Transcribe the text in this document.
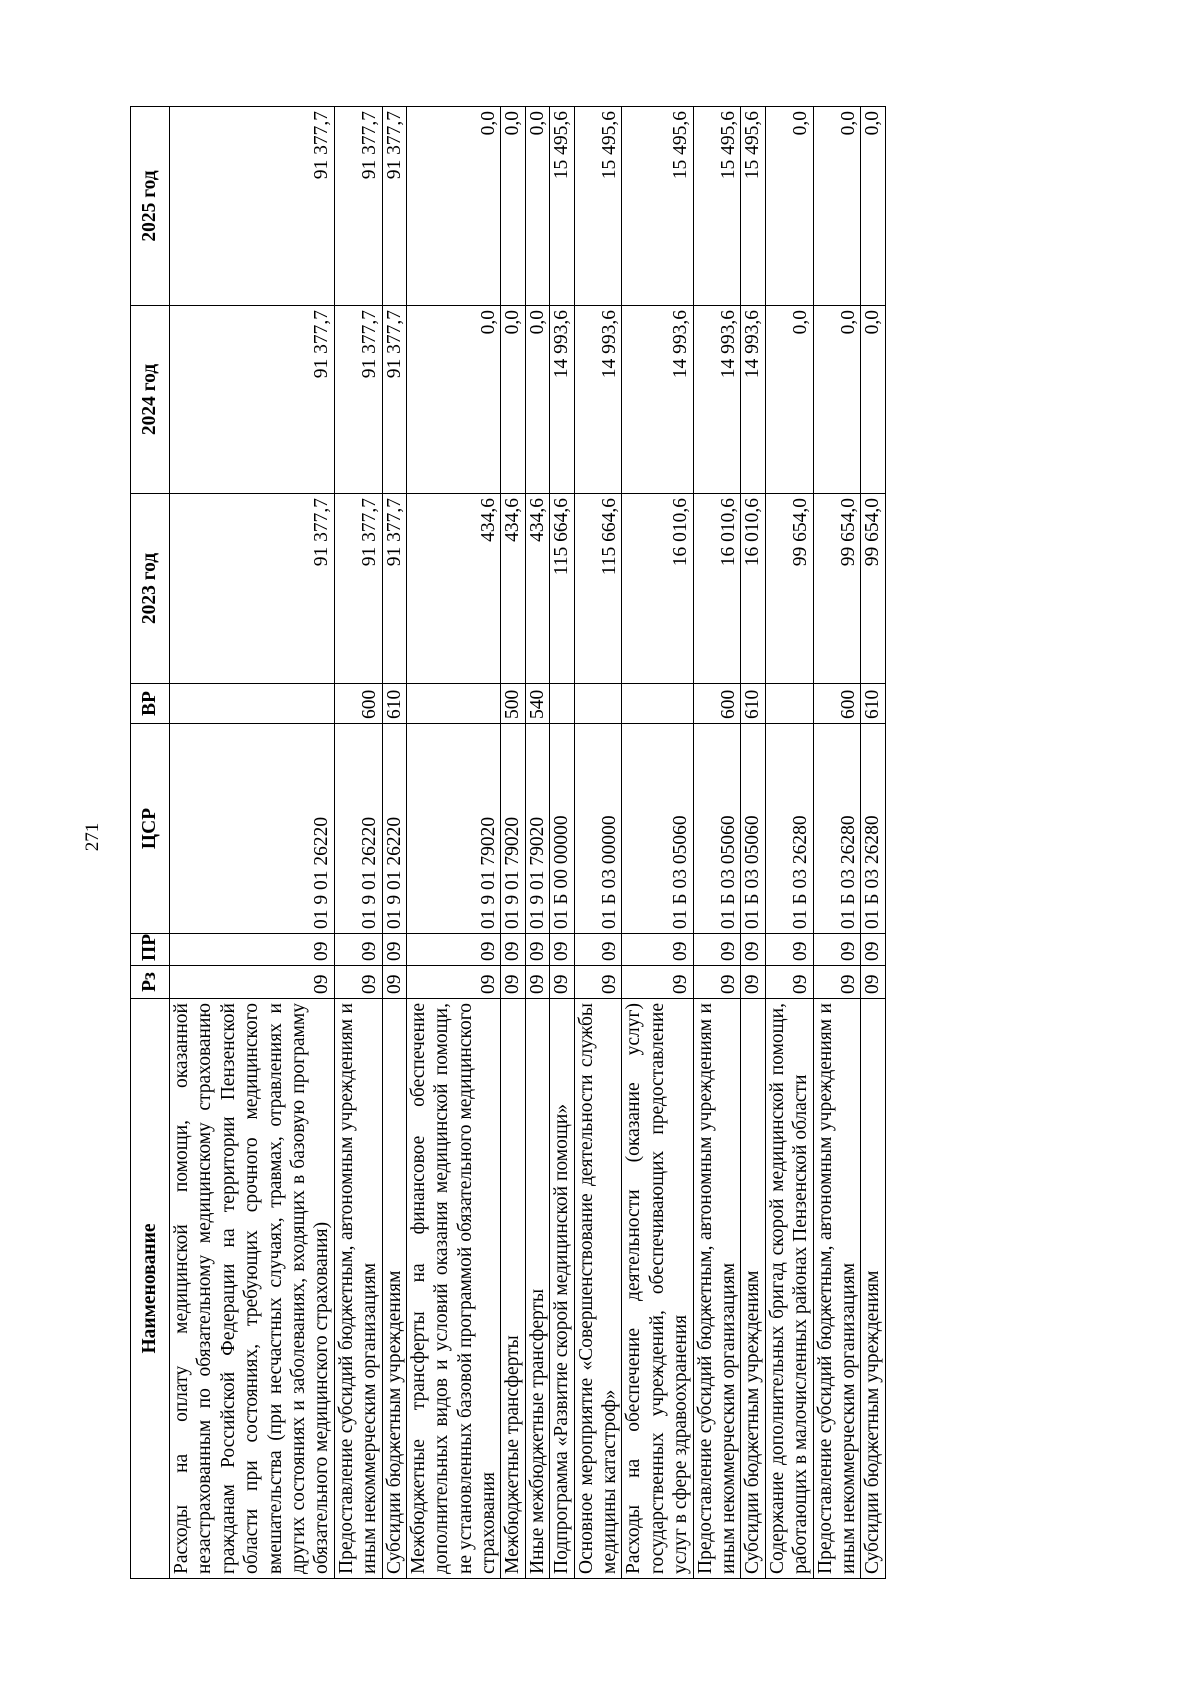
271
Наименование	Рз	ПР	ЦСР	ВР	2023 год	2024 год	2025 год
Расходы на оплату медицинской помощи, оказанной незастрахованным по обязательному медицинскому страхованию гражданам Российской Федерации на территории Пензенской области при состояниях, требующих срочного медицинского вмешательства (при несчастных случаях, травмах, отравлениях и других состояниях и заболеваниях, входящих в базовую программу обязательного медицинского страхования)	09	09	01 9 01 26220		91 377,7	91 377,7	91 377,7
Предоставление субсидий бюджетным, автономным учреждениям и иным некоммерческим организациям	09	09	01 9 01 26220	600	91 377,7	91 377,7	91 377,7
Субсидии бюджетным учреждениям	09	09	01 9 01 26220	610	91 377,7	91 377,7	91 377,7
Межбюджетные трансферты на финансовое обеспечение дополнительных видов и условий оказания медицинской помощи, не установленных базовой программой обязательного медицинского страхования	09	09	01 9 01 79020		434,6	0,0	0,0
Межбюджетные трансферты	09	09	01 9 01 79020	500	434,6	0,0	0,0
Иные межбюджетные трансферты	09	09	01 9 01 79020	540	434,6	0,0	0,0
Подпрограмма «Развитие скорой медицинской помощи»	09	09	01 Б 00 00000		115 664,6	14 993,6	15 495,6
Основное мероприятие «Совершенствование деятельности службы медицины катастроф»	09	09	01 Б 03 00000		115 664,6	14 993,6	15 495,6
Расходы на обеспечение деятельности (оказание услуг) государственных учреждений, обеспечивающих предоставление услуг в сфере здравоохранения	09	09	01 Б 03 05060		16 010,6	14 993,6	15 495,6
Предоставление субсидий бюджетным, автономным учреждениям и иным некоммерческим организациям	09	09	01 Б 03 05060	600	16 010,6	14 993,6	15 495,6
Субсидии бюджетным учреждениям	09	09	01 Б 03 05060	610	16 010,6	14 993,6	15 495,6
Содержание дополнительных бригад скорой медицинской помощи, работающих в малочисленных районах Пензенской области	09	09	01 Б 03 26280		99 654,0	0,0	0,0
Предоставление субсидий бюджетным, автономным учреждениям и иным некоммерческим организациям	09	09	01 Б 03 26280	600	99 654,0	0,0	0,0
Субсидии бюджетным учреждениям	09	09	01 Б 03 26280	610	99 654,0	0,0	0,0
